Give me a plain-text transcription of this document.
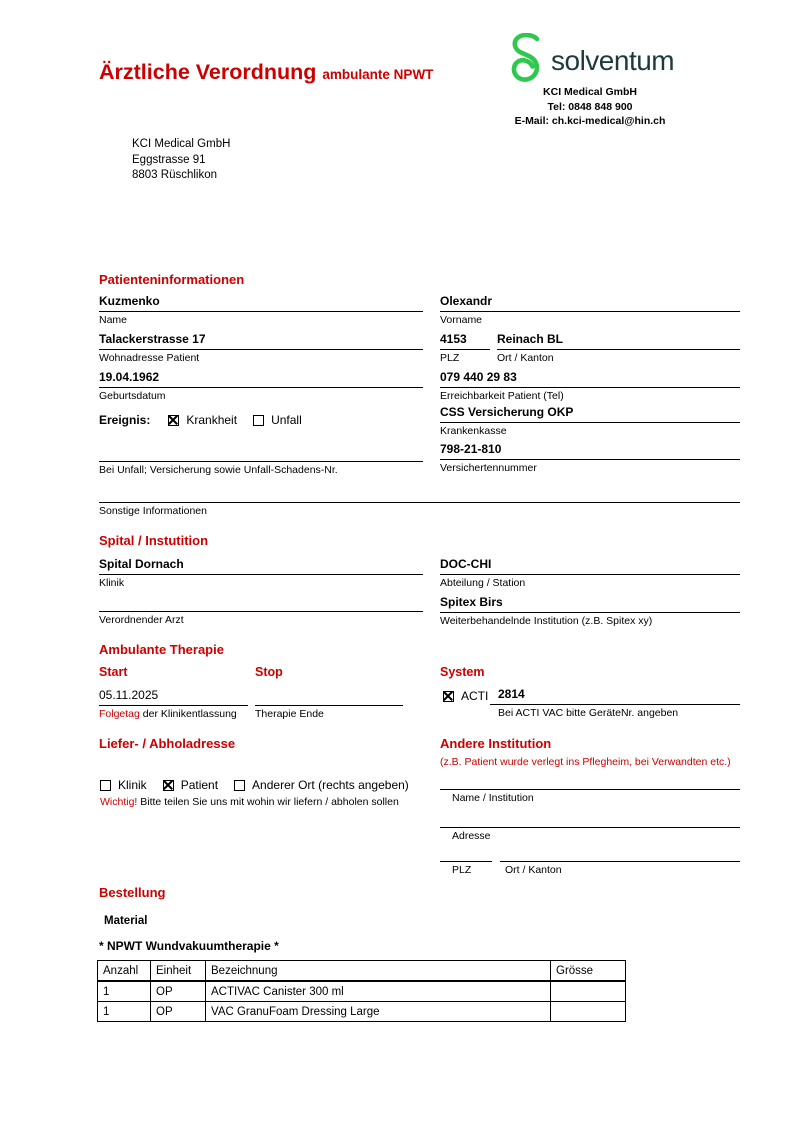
Ärztliche Verordnung ambulante NPWT	solventum
KCI Medical GmbH
Tel: 0848 848 900
E-Mail: ch.kci-medical@hin.ch
KCI Medical GmbH
Eggstrasse 91
8803 Rüschlikon
Patienteninformationen
Kuzmenko
Name
Olexandr
Vorname
Talackerstrasse 17
Wohnadresse Patient
4153
PLZ
Reinach BL
Ort / Kanton
19.04.1962
Geburtsdatum
079 440 29 83
Erreichbarkeit Patient (Tel)
Ereignis:	Krankheit	Unfall
CSS Versicherung OKP
Krankenkasse
Bei Unfall; Versicherung sowie Unfall-Schadens-Nr.
798-21-810
Versichertennummer
Sonstige Informationen
Spital / Instutition
Spital Dornach
Klinik
DOC-CHI
Abteilung / Station
Verordnender Arzt
Spitex Birs
Weiterbehandelnde Institution (z.B. Spitex xy)
Ambulante Therapie
Start	Stop	System
05.11.2025
Folgetag der Klinikentlassung	Therapie Ende
ACTI 2814
Bei ACTI VAC bitte GeräteNr. angeben
Liefer- / Abholadresse
Klinik	Patient	Anderer Ort (rechts angeben)
Wichtig! Bitte teilen Sie uns mit wohin wir liefern / abholen sollen
Andere Institution
(z.B. Patient wurde verlegt ins Pflegheim, bei Verwandten etc.)
Name / Institution
Adresse
PLZ	Ort / Kanton
Bestellung
Material
* NPWT Wundvakuumtherapie *
Anzahl	Einheit	Bezeichnung	Grösse
1	OP	ACTIVAC Canister 300 ml	
1	OP	VAC GranuFoam Dressing Large	
